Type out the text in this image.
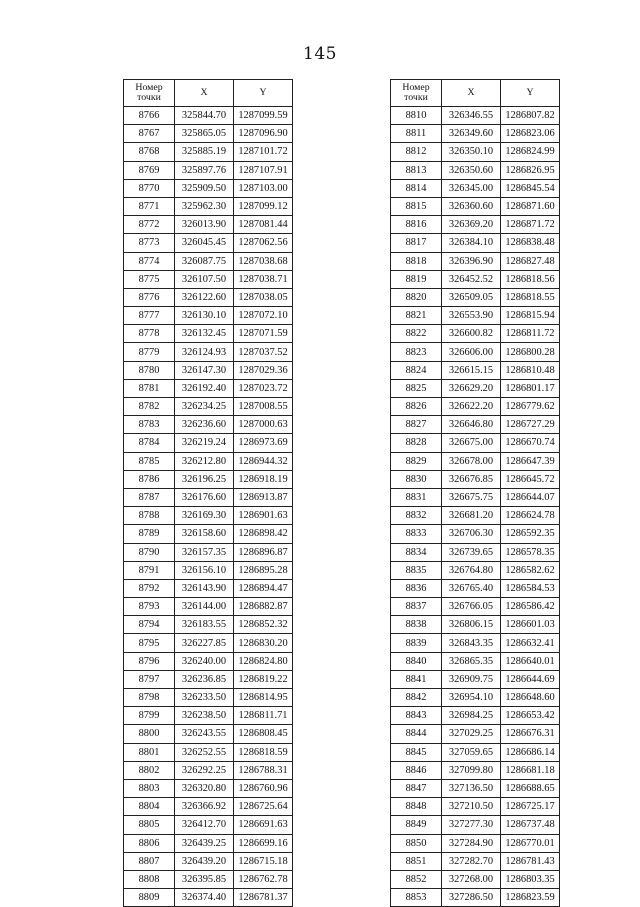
145
Номер
точки	X	Y
8766	325844.70	1287099.59
8767	325865.05	1287096.90
8768	325885.19	1287101.72
8769	325897.76	1287107.91
8770	325909.50	1287103.00
8771	325962.30	1287099.12
8772	326013.90	1287081.44
8773	326045.45	1287062.56
8774	326087.75	1287038.68
8775	326107.50	1287038.71
8776	326122.60	1287038.05
8777	326130.10	1287072.10
8778	326132.45	1287071.59
8779	326124.93	1287037.52
8780	326147.30	1287029.36
8781	326192.40	1287023.72
8782	326234.25	1287008.55
8783	326236.60	1287000.63
8784	326219.24	1286973.69
8785	326212.80	1286944.32
8786	326196.25	1286918.19
8787	326176.60	1286913.87
8788	326169.30	1286901.63
8789	326158.60	1286898.42
8790	326157.35	1286896.87
8791	326156.10	1286895.28
8792	326143.90	1286894.47
8793	326144.00	1286882.87
8794	326183.55	1286852.32
8795	326227.85	1286830.20
8796	326240.00	1286824.80
8797	326236.85	1286819.22
8798	326233.50	1286814.95
8799	326238.50	1286811.71
8800	326243.55	1286808.45
8801	326252.55	1286818.59
8802	326292.25	1286788.31
8803	326320.80	1286760.96
8804	326366.92	1286725.64
8805	326412.70	1286691.63
8806	326439.25	1286699.16
8807	326439.20	1286715.18
8808	326395.85	1286762.78
8809	326374.40	1286781.37
Номер
точки	X	Y
8810	326346.55	1286807.82
8811	326349.60	1286823.06
8812	326350.10	1286824.99
8813	326350.60	1286826.95
8814	326345.00	1286845.54
8815	326360.60	1286871.60
8816	326369.20	1286871.72
8817	326384.10	1286838.48
8818	326396.90	1286827.48
8819	326452.52	1286818.56
8820	326509.05	1286818.55
8821	326553.90	1286815.94
8822	326600.82	1286811.72
8823	326606.00	1286800.28
8824	326615.15	1286810.48
8825	326629.20	1286801.17
8826	326622.20	1286779.62
8827	326646.80	1286727.29
8828	326675.00	1286670.74
8829	326678.00	1286647.39
8830	326676.85	1286645.72
8831	326675.75	1286644.07
8832	326681.20	1286624.78
8833	326706.30	1286592.35
8834	326739.65	1286578.35
8835	326764.80	1286582.62
8836	326765.40	1286584.53
8837	326766.05	1286586.42
8838	326806.15	1286601.03
8839	326843.35	1286632.41
8840	326865.35	1286640.01
8841	326909.75	1286644.69
8842	326954.10	1286648.60
8843	326984.25	1286653.42
8844	327029.25	1286676.31
8845	327059.65	1286686.14
8846	327099.80	1286681.18
8847	327136.50	1286688.65
8848	327210.50	1286725.17
8849	327277.30	1286737.48
8850	327284.90	1286770.01
8851	327282.70	1286781.43
8852	327268.00	1286803.35
8853	327286.50	1286823.59
